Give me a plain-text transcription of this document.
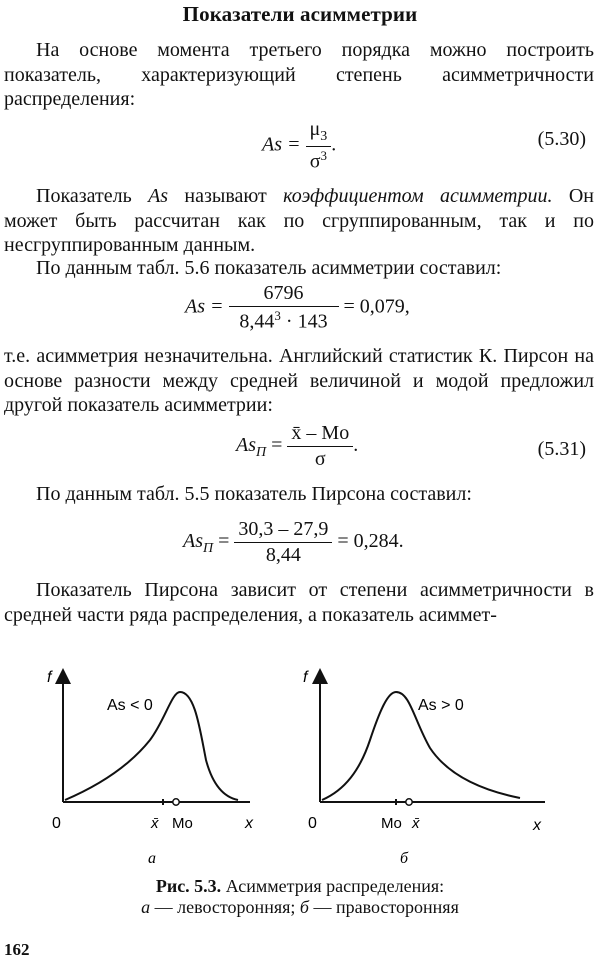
Показатели асимметрии

На основе момента третьего порядка можно построить показатель, характеризующий степень асимметричности распределения:

$As = \frac{\mu_3}{\sigma^3}$ .	(5.30)

Показатель As называют коэффициентом асимметрии. Он может быть рассчитан как по сгруппированным, так и по несгруппированным данным.

По данным табл. 5.6 показатель асимметрии составил:

$As = \frac{6796}{8,44^3 \cdot 143} = 0,079$,

т.е. асимметрия незначительна. Английский статистик К. Пирсон на основе разности между средней величиной и модой предложил другой показатель асимметрии:

$As_П = \frac{x̄ - Mo}{\sigma}$ .	(5.31)

По данным табл. 5.5 показатель Пирсона составил:

$As_П = \frac{30,3 - 27,9}{8,44} = 0,284$.

Показатель Пирсона зависит от степени асимметричности в средней части ряда распределения, а показатель асиммет-

f
0	x
As < 0
x̄ Mo
а
f
0	x
As > 0
Mo x̄
б
Рис. 5.3. Асимметрия распределения:
а — левосторонняя; б — правосторонняя
162
